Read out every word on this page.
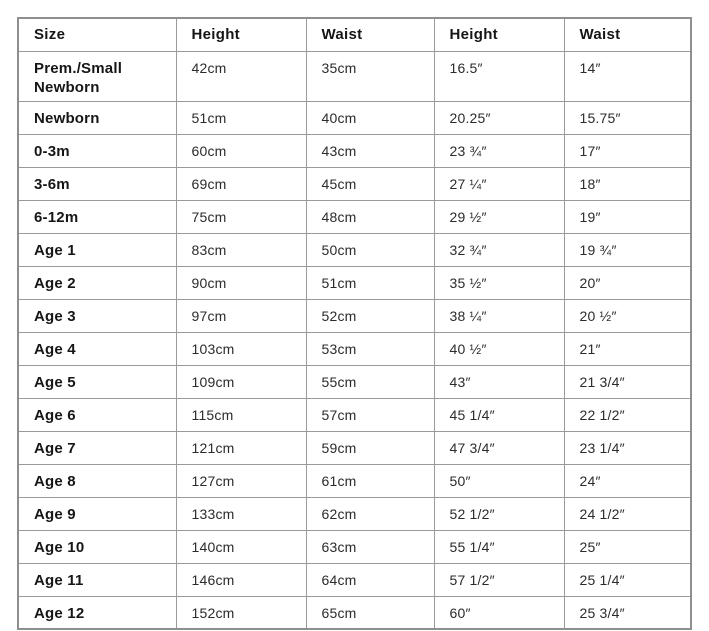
Size	Height	Waist	Height	Waist
Prem./Small Newborn	42cm	35cm	16.5″	14″
Newborn	51cm	40cm	20.25″	15.75″
0-3m	60cm	43cm	23 ¾″	17″
3-6m	69cm	45cm	27 ¼″	18″
6-12m	75cm	48cm	29 ½″	19″
Age 1	83cm	50cm	32 ¾″	19 ¾″
Age 2	90cm	51cm	35 ½″	20″
Age 3	97cm	52cm	38 ¼″	20 ½″
Age 4	103cm	53cm	40 ½″	21″
Age 5	109cm	55cm	43″	21 3/4″
Age 6	115cm	57cm	45 1/4″	22 1/2″
Age 7	121cm	59cm	47 3/4″	23 1/4″
Age 8	127cm	61cm	50″	24″
Age 9	133cm	62cm	52 1/2″	24 1/2″
Age 10	140cm	63cm	55 1/4″	25″
Age 11	146cm	64cm	57 1/2″	25 1/4″
Age 12	152cm	65cm	60″	25 3/4″
